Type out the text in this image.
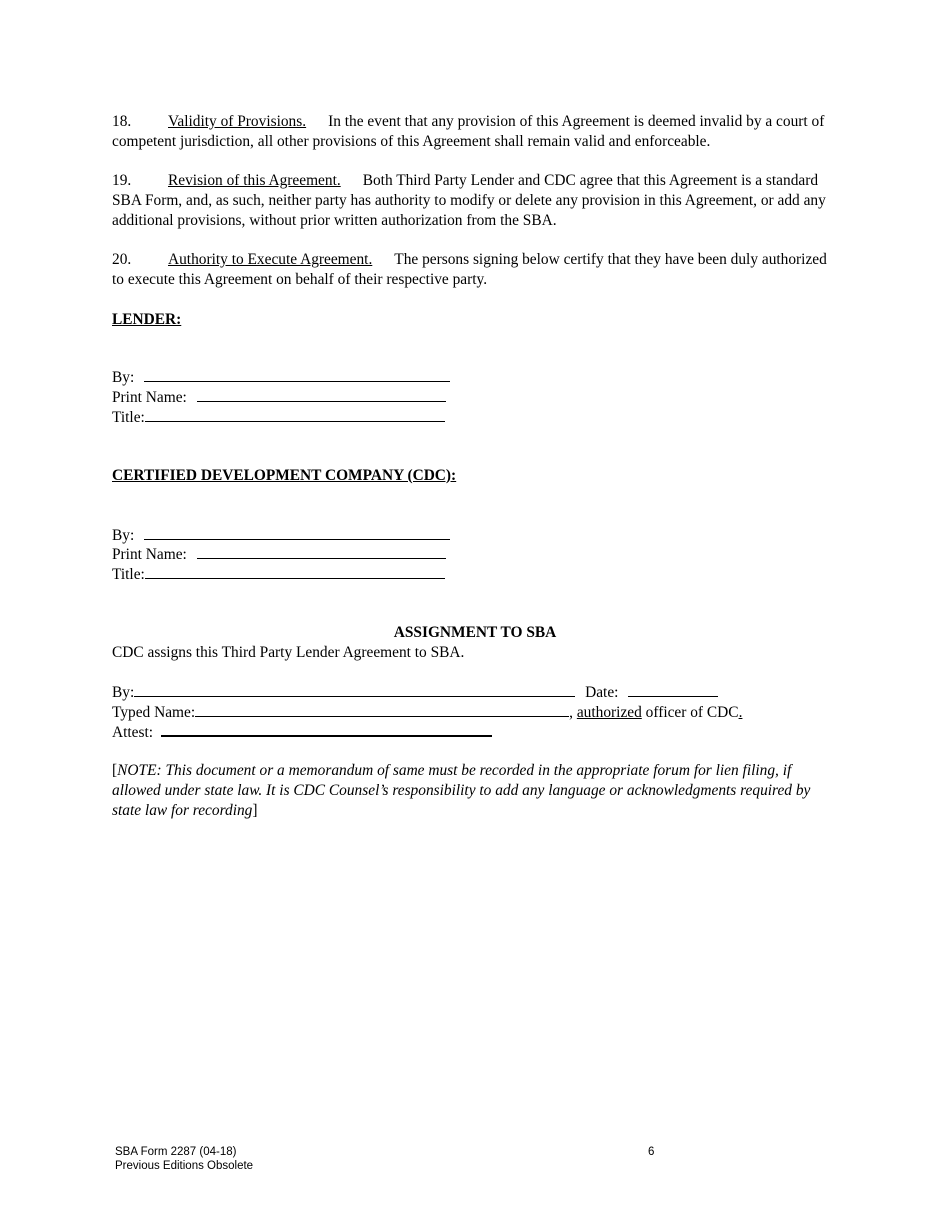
18. Validity of Provisions. In the event that any provision of this Agreement is deemed invalid by a court of competent jurisdiction, all other provisions of this Agreement shall remain valid and enforceable.

19. Revision of this Agreement. Both Third Party Lender and CDC agree that this Agreement is a standard SBA Form, and, as such, neither party has authority to modify or delete any provision in this Agreement, or add any additional provisions, without prior written authorization from the SBA.

20. Authority to Execute Agreement. The persons signing below certify that they have been duly authorized to execute this Agreement on behalf of their respective party.

LENDER:
By:
Print Name:
Title:
CERTIFIED DEVELOPMENT COMPANY (CDC):
By:
Print Name:
Title:
ASSIGNMENT TO SBA
CDC assigns this Third Party Lender Agreement to SBA.
By:	Date:
Typed Name:	, authorized officer of CDC.
Attest:
[NOTE: This document or a memorandum of same must be recorded in the appropriate forum for lien filing, if allowed under state law. It is CDC Counsel’s responsibility to add any language or acknowledgments required by state law for recording]
SBA Form 2287 (04-18)
Previous Editions Obsolete
6
